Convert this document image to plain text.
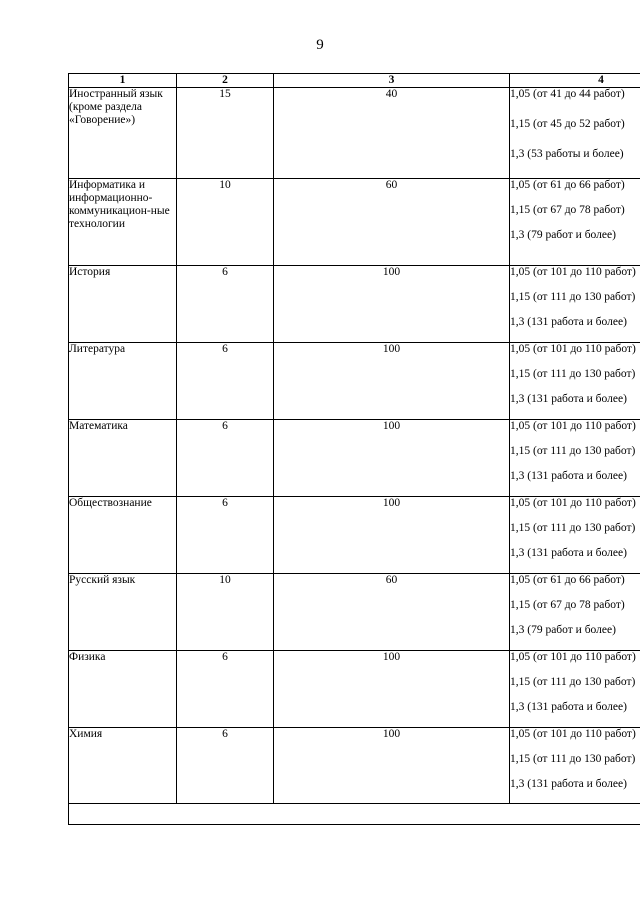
9
1	2	3	4
Иностранный язык (кроме раздела «Говорение»)	15	40	1,05 (от 41 до 44 работ)
1,15 (от 45 до 52 работ)
1,3 (53 работы и более)

Информатика и информационно-коммуникацион-ные технологии	10	60	1,05 (от 61 до 66 работ)
1,15 (от 67 до 78 работ)
1,3 (79 работ и более)

История	6	100	1,05 (от 101 до 110 работ)
1,15 (от 111 до 130 работ)
1,3 (131 работа и более)

Литература	6	100	1,05 (от 101 до 110 работ)
1,15 (от 111 до 130 работ)
1,3 (131 работа и более)

Математика	6	100	1,05 (от 101 до 110 работ)
1,15 (от 111 до 130 работ)
1,3 (131 работа и более)

Обществознание	6	100	1,05 (от 101 до 110 работ)
1,15 (от 111 до 130 работ)
1,3 (131 работа и более)

Русский язык	10	60	1,05 (от 61 до 66 работ)
1,15 (от 67 до 78 работ)
1,3 (79 работ и более)

Физика	6	100	1,05 (от 101 до 110 работ)
1,15 (от 111 до 130 работ)
1,3 (131 работа и более)

Химия	6	100	1,05 (от 101 до 110 работ)
1,15 (от 111 до 130 работ)
1,3 (131 работа и более)
